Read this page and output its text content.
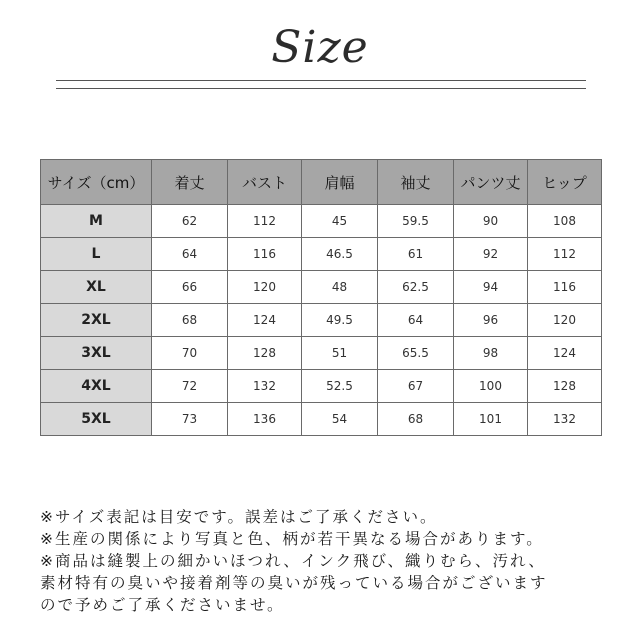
Size
サイズ（cm）	着丈	バスト	肩幅	袖丈	パンツ丈	ヒップ
M	62	112	45	59.5	90	108
L	64	116	46.5	61	92	112
XL	66	120	48	62.5	94	116
2XL	68	124	49.5	64	96	120
3XL	70	128	51	65.5	98	124
4XL	72	132	52.5	67	100	128
5XL	73	136	54	68	101	132
※サイズ表記は目安です。誤差はご了承ください。
※生産の関係により写真と色、柄が若干異なる場合があります。
※商品は縫製上の細かいほつれ、インク飛び、織りむら、汚れ、
素材特有の臭いや接着剤等の臭いが残っている場合がございます
ので予めご了承くださいませ。
